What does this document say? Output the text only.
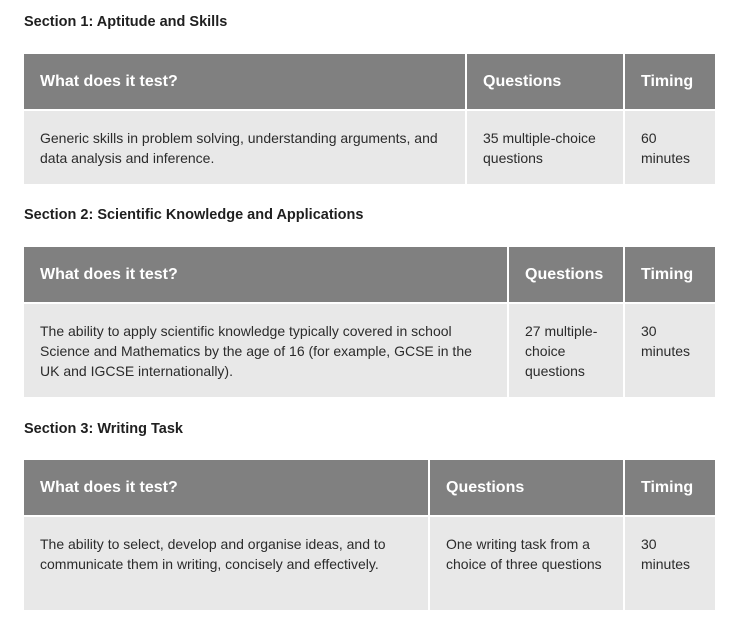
Section 1: Aptitude and Skills
What does it test?	Questions	Timing
Generic skills in problem solving, understanding arguments, and data analysis and inference.	35 multiple-choice questions	60 minutes
Section 2: Scientific Knowledge and Applications
What does it test?	Questions	Timing
The ability to apply scientific knowledge typically covered in school Science and Mathematics by the age of 16 (for example, GCSE in the UK and IGCSE internationally).	27 multiple-choice questions	30 minutes
Section 3: Writing Task
What does it test?	Questions	Timing
The ability to select, develop and organise ideas, and to communicate them in writing, concisely and effectively.	One writing task from a choice of three questions	30 minutes
